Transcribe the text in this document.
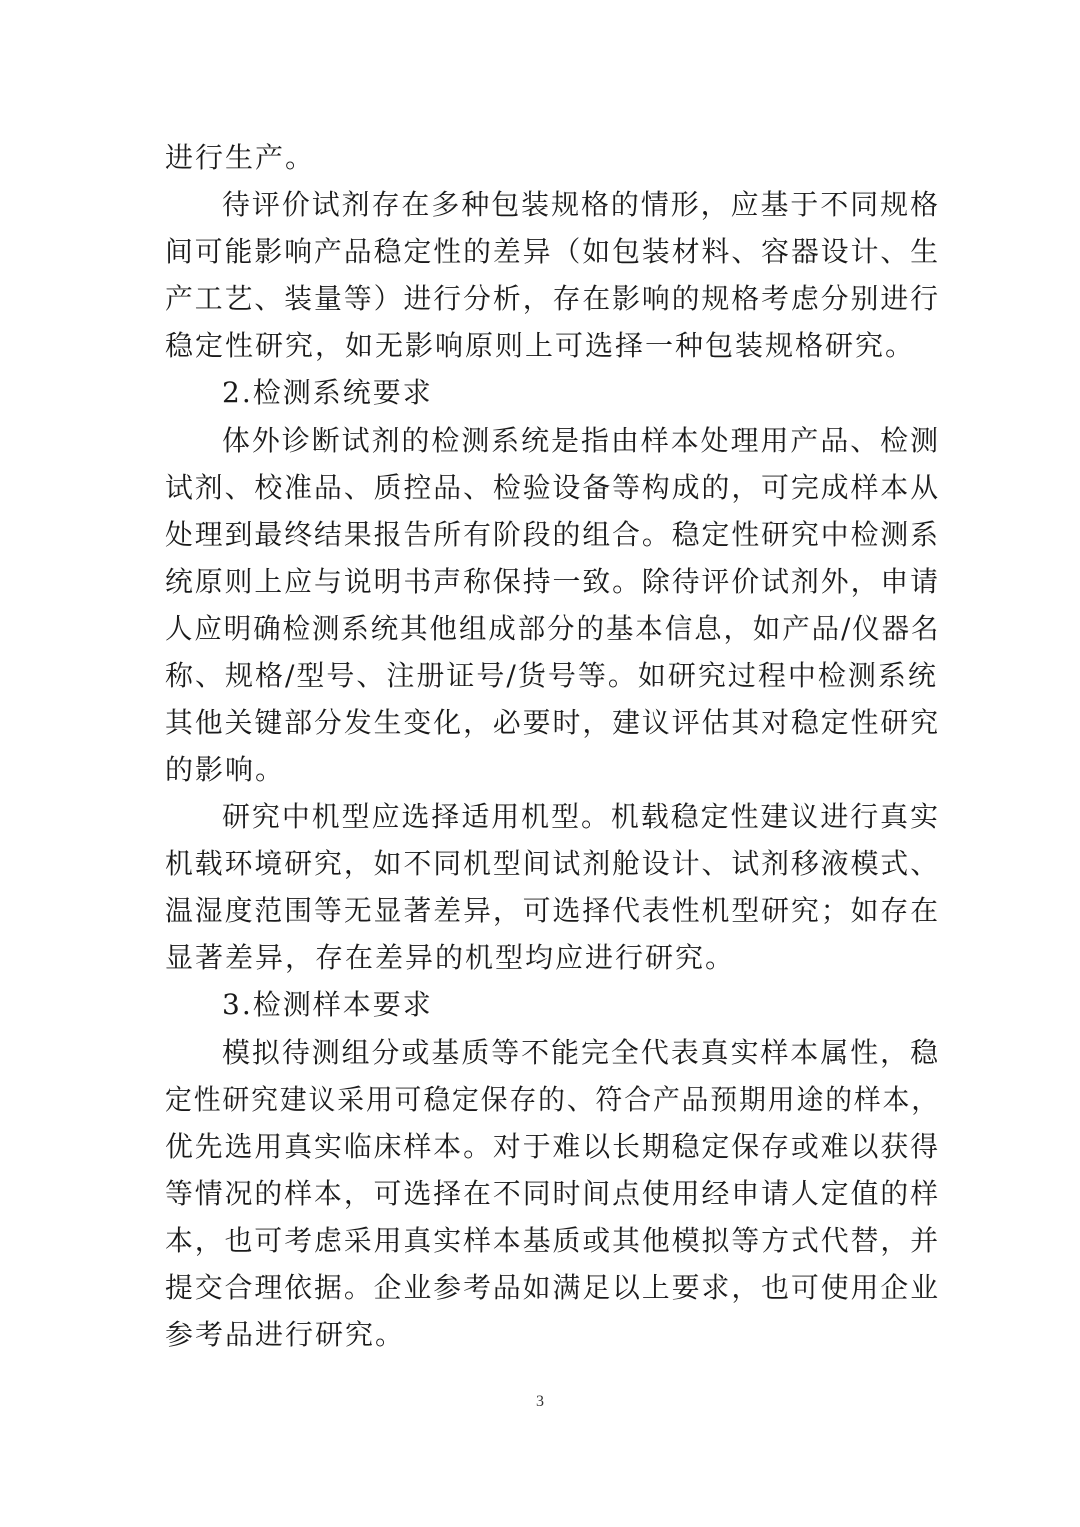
进行生产。
待评价试剂存在多种包装规格的情形，应基于不同规格
间可能影响产品稳定性的差异（如包装材料、容器设计、生
产工艺、装量等）进行分析，存在影响的规格考虑分别进行
稳定性研究，如无影响原则上可选择一种包装规格研究。
2.检测系统要求
体外诊断试剂的检测系统是指由样本处理用产品、检测
试剂、校准品、质控品、检验设备等构成的，可完成样本从
处理到最终结果报告所有阶段的组合。稳定性研究中检测系
统原则上应与说明书声称保持一致。除待评价试剂外，申请
人应明确检测系统其他组成部分的基本信息，如产品/仪器名
称、规格/型号、注册证号/货号等。如研究过程中检测系统
其他关键部分发生变化，必要时，建议评估其对稳定性研究
的影响。
研究中机型应选择适用机型。机载稳定性建议进行真实
机载环境研究，如不同机型间试剂舱设计、试剂移液模式、
温湿度范围等无显著差异，可选择代表性机型研究；如存在
显著差异，存在差异的机型均应进行研究。
3.检测样本要求
模拟待测组分或基质等不能完全代表真实样本属性，稳
定性研究建议采用可稳定保存的、符合产品预期用途的样本，
优先选用真实临床样本。对于难以长期稳定保存或难以获得
等情况的样本，可选择在不同时间点使用经申请人定值的样
本，也可考虑采用真实样本基质或其他模拟等方式代替，并
提交合理依据。企业参考品如满足以上要求，也可使用企业
参考品进行研究。
3
